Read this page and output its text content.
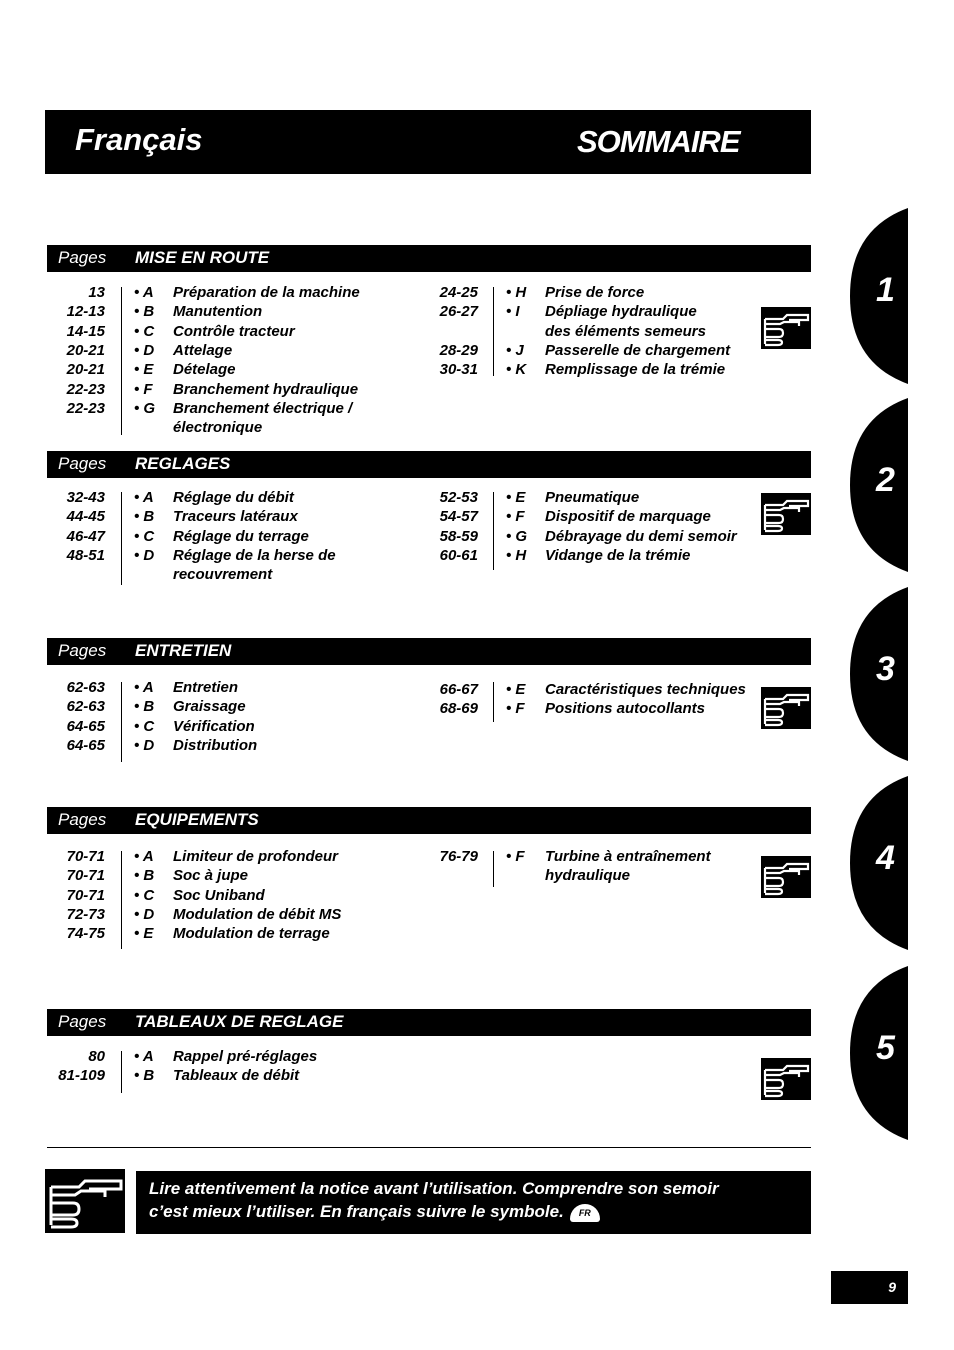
Français	SOMMAIRE
Pages MISE EN ROUTE
13 • A Préparation de la machine
12-13 • B Manutention
14-15 • C Contrôle tracteur
20-21 • D Attelage
20-21 • E Dételage
22-23 • F Branchement hydraulique
22-23 • G Branchement électrique /
électronique
24-25 • H Prise de force
26-27 • I Dépliage hydraulique
des éléments semeurs
28-29 • J Passerelle de chargement
30-31 • K Remplissage de la trémie
Pages REGLAGES
32-43 • A Réglage du débit
44-45 • B Traceurs latéraux
46-47 • C Réglage du terrage
48-51 • D Réglage de la herse de
recouvrement
52-53 • E Pneumatique
54-57 • F Dispositif de marquage
58-59 • G Débrayage du demi semoir
60-61 • H Vidange de la trémie
Pages ENTRETIEN
62-63 • A Entretien
62-63 • B Graissage
64-65 • C Vérification
64-65 • D Distribution
66-67 • E Caractéristiques techniques
68-69 • F Positions autocollants
Pages EQUIPEMENTS
70-71 • A Limiteur de profondeur
70-71 • B Soc à jupe
70-71 • C Soc Uniband
72-73 • D Modulation de débit MS
74-75 • E Modulation de terrage
76-79 • F Turbine à entraînement
hydraulique
Pages TABLEAUX DE REGLAGE
80 • A Rappel pré-réglages
81-109 • B Tableaux de débit
1
2
3
4
5
Lire attentivement la notice avant l’utilisation. Comprendre son semoir
c’est mieux l’utiliser. En français suivre le symbole. FR
9
